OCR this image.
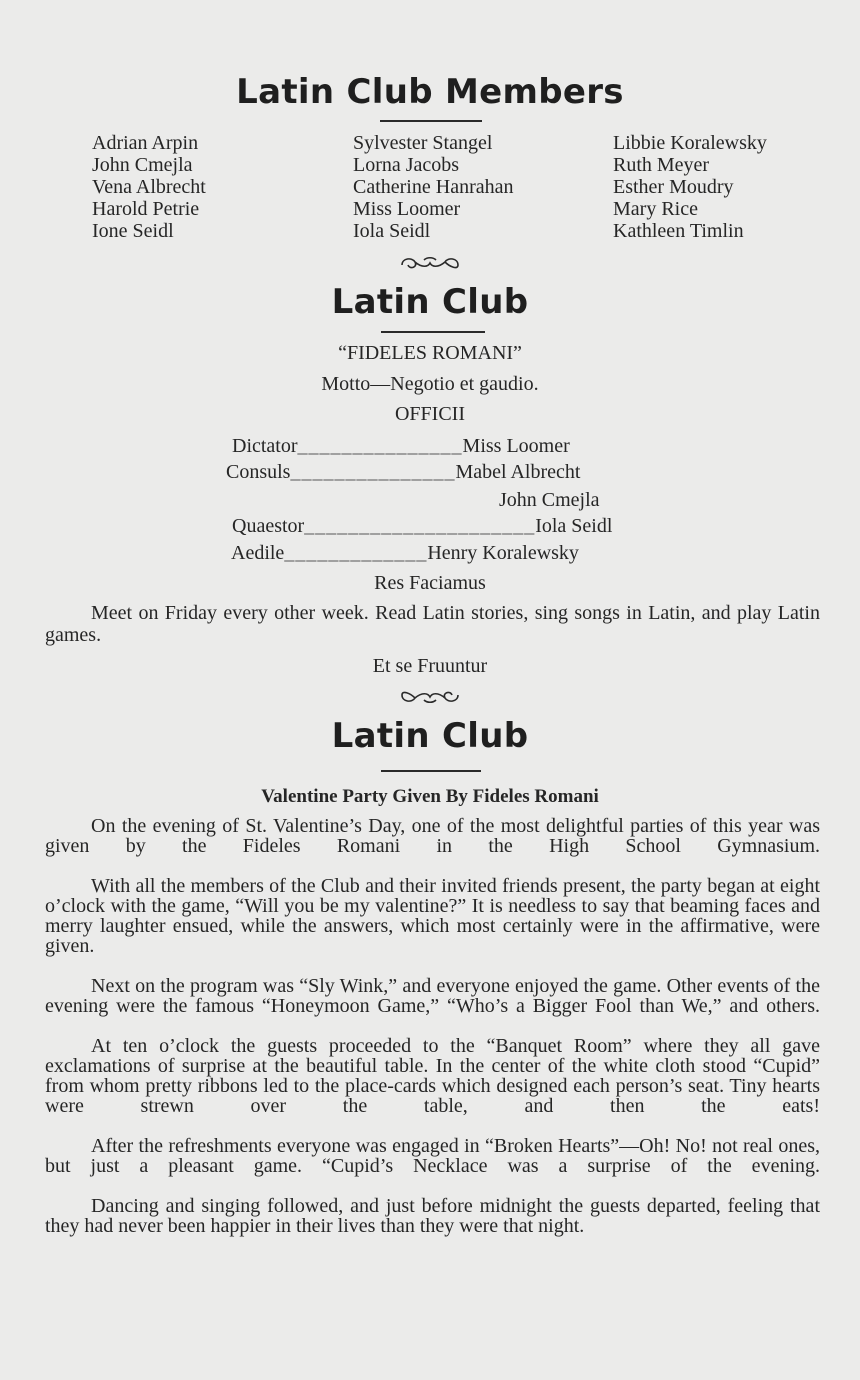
Latin Club Members
Adrian Arpin
John Cmejla
Vena Albrecht
Harold Petrie
Ione Seidl
Sylvester Stangel
Lorna Jacobs
Catherine Hanrahan
Miss Loomer
Iola Seidl
Libbie Koralewsky
Ruth Meyer
Esther Moudry
Mary Rice
Kathleen Timlin
Latin Club
“FIDELES ROMANI”
Motto—Negotio et gaudio.
OFFICII
Dictator_______________Miss Loomer
Consuls_______________Mabel Albrecht
John Cmejla
Quaestor_____________________Iola Seidl
Aedile_____________Henry Koralewsky
Res Faciamus

Meet on Friday every other week. Read Latin stories, sing songs in Latin, and play Latin games.

Et se Fruuntur
Latin Club
Valentine Party Given By Fideles Romani

On the evening of St. Valentine’s Day, one of the most delightful parties of this year was given by the Fideles Romani in the High School Gymnasium.

With all the members of the Club and their invited friends present, the party began at eight o’clock with the game, “Will you be my valentine?” It is needless to say that beaming faces and merry laughter ensued, while the answers, which most certainly were in the affirmative, were given.

Next on the program was “Sly Wink,” and everyone enjoyed the game. Other events of the evening were the famous “Honeymoon Game,” “Who’s a Bigger Fool than We,” and others.

At ten o’clock the guests proceeded to the “Banquet Room” where they all gave exclamations of surprise at the beautiful table. In the center of the white cloth stood “Cupid” from whom pretty ribbons led to the place-cards which designed each person’s seat. Tiny hearts were strewn over the table, and then the eats!

After the refreshments everyone was engaged in “Broken Hearts”—Oh! No! not real ones, but just a pleasant game. “Cupid’s Necklace was a surprise of the evening.

Dancing and singing followed, and just before midnight the guests departed, feeling that they had never been happier in their lives than they were that night.
